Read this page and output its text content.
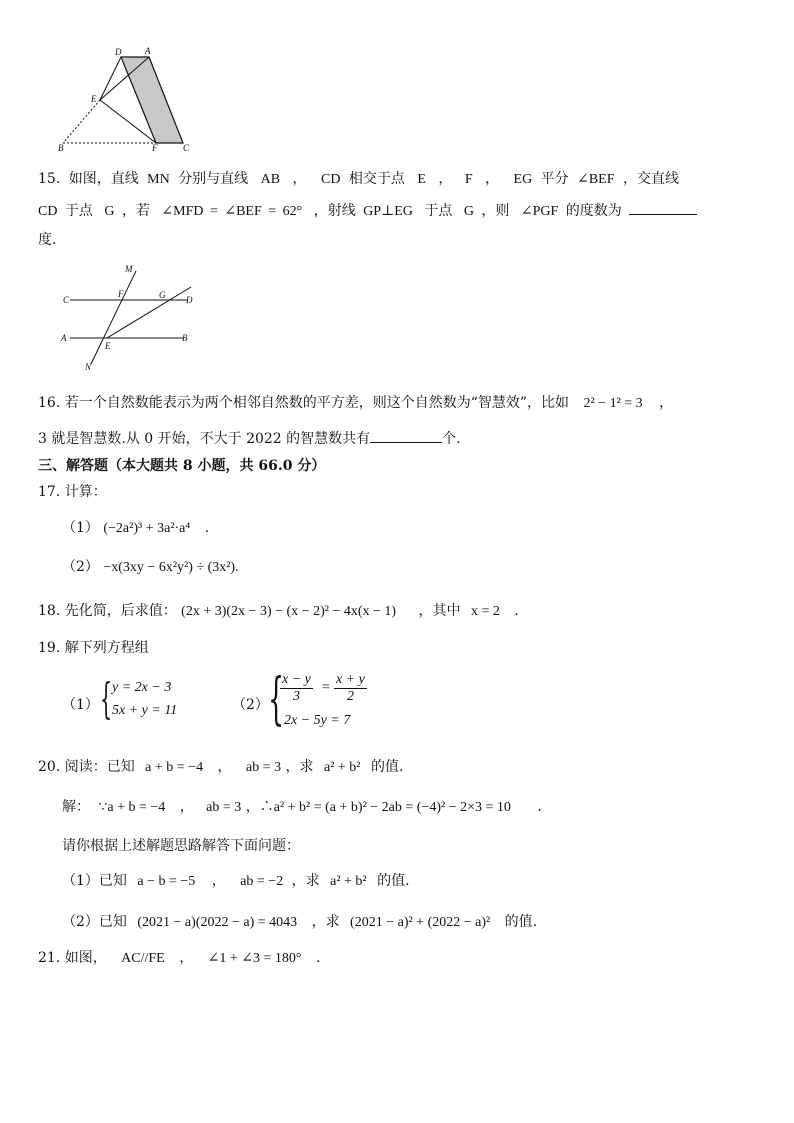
D	A
E
B	F	C
15. 如图，直线 MN 分别与直线 AB ， CD 相交于点 E ， F ， EG 平分 ∠BEF ，交直线
CD 于点 G ，若 ∠MFD = ∠BEF = 62° ，射线 GP⊥EG 于点 G ，则 ∠PGF 的度数为
度．
M
C
F	G D
A
E
B
N
16. 若一个自然数能表示为两个相邻自然数的平方差，则这个自然数为“智慧效”，比如 2² − 1² = 3 ，
3 就是智慧数.从 0 开始，不大于 2022 的智慧数共有	个.
三、解答题（本大题共 8 小题，共 66.0 分）
17. 计算：
（1） (−2a²)³ + 3a²·a⁴ .
（2） −x(3xy − 6x²y²) ÷ (3x²).
18. 先化简，后求值： (2x + 3)(2x − 3) − (x − 2)² − 4x(x − 1) ，其中 x = 2 .
19. 解下列方程组
（1） { y = 2x − 3
5x + y = 11	（2） {
$\frac{x - y}{3} = \frac{x + y}{2}$
2x − 5y = 7
20. 阅读：已知 a + b = −4 ， ab = 3 ，求 a² + b² 的值.
解： ∵a + b = −4 ， ab = 3 ，∴a² + b² = (a + b)² − 2ab = (−4)² − 2×3 = 10 .
请你根据上述解题思路解答下面问题：
（1）已知 a − b = −5 ， ab = −2 ，求 a² + b² 的值.
（2）已知 (2021 − a)(2022 − a) = 4043 ，求 (2021 − a)² + (2022 − a)² 的值.
21. 如图， AC//FE ， ∠1 + ∠3 = 180° .
